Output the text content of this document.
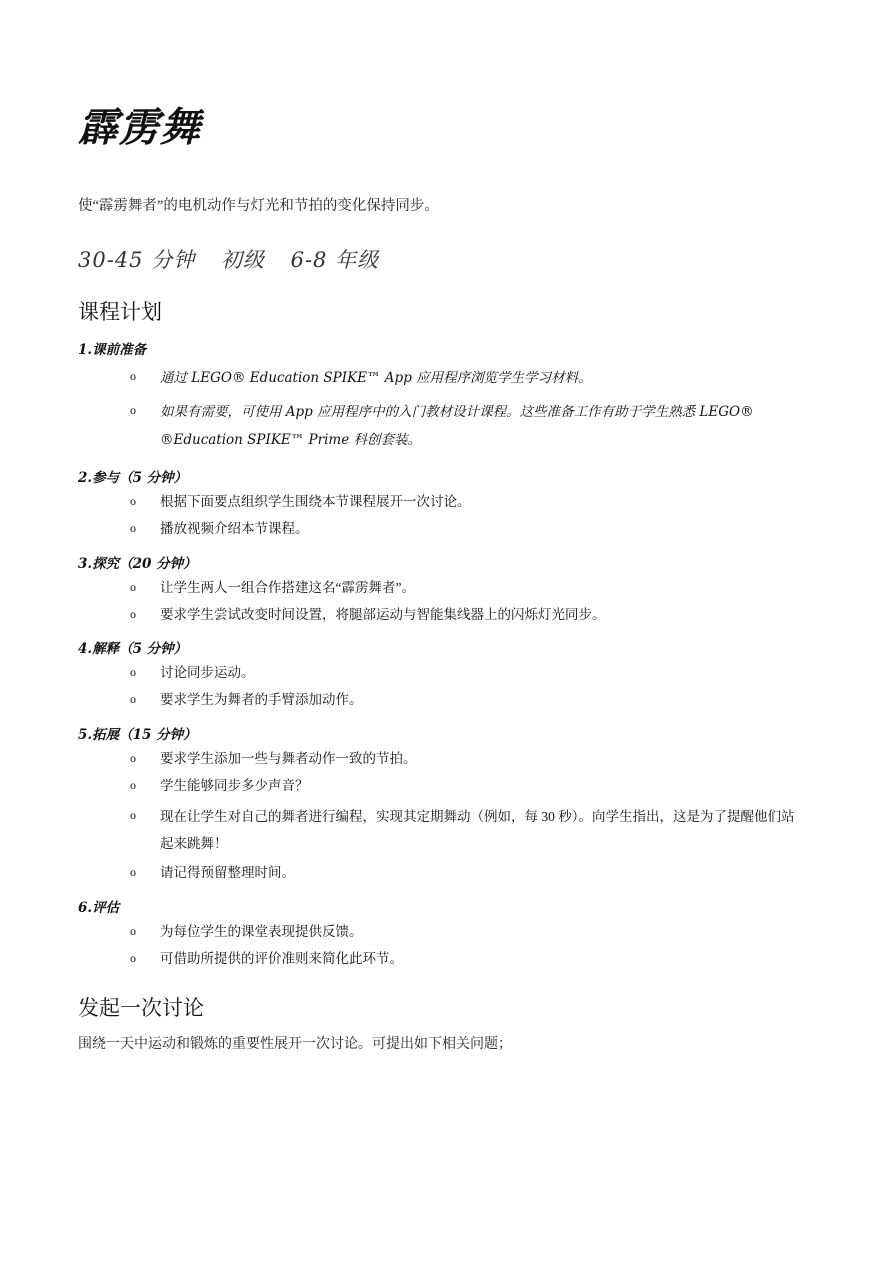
霹雳舞

使“霹雳舞者”的电机动作与灯光和节拍的变化保持同步。

30-45 分钟 初级 6-8 年级
课程计划
1.课前准备
o 通过 LEGO® Education SPIKE™ App 应用程序浏览学生学习材料。
o 如果有需要，可使用 App 应用程序中的入门教材设计课程。这些准备工作有助于学生熟悉 LEGO® ®Education SPIKE™ Prime 科创套装。
2.参与（5 分钟）
o 根据下面要点组织学生围绕本节课程展开一次讨论。
o 播放视频介绍本节课程。
3.探究（20 分钟）
o 让学生两人一组合作搭建这名“霹雳舞者”。
o 要求学生尝试改变时间设置，将腿部运动与智能集线器上的闪烁灯光同步。
4.解释（5 分钟）
o 讨论同步运动。
o 要求学生为舞者的手臂添加动作。
5.拓展（15 分钟）
o 要求学生添加一些与舞者动作一致的节拍。
o 学生能够同步多少声音？
o 现在让学生对自己的舞者进行编程，实现其定期舞动（例如，每 30 秒）。向学生指出，这是为了提醒他们站起来跳舞！
o 请记得预留整理时间。
6.评估
o 为每位学生的课堂表现提供反馈。
o 可借助所提供的评价准则来简化此环节。
发起一次讨论

围绕一天中运动和锻炼的重要性展开一次讨论。可提出如下相关问题；
